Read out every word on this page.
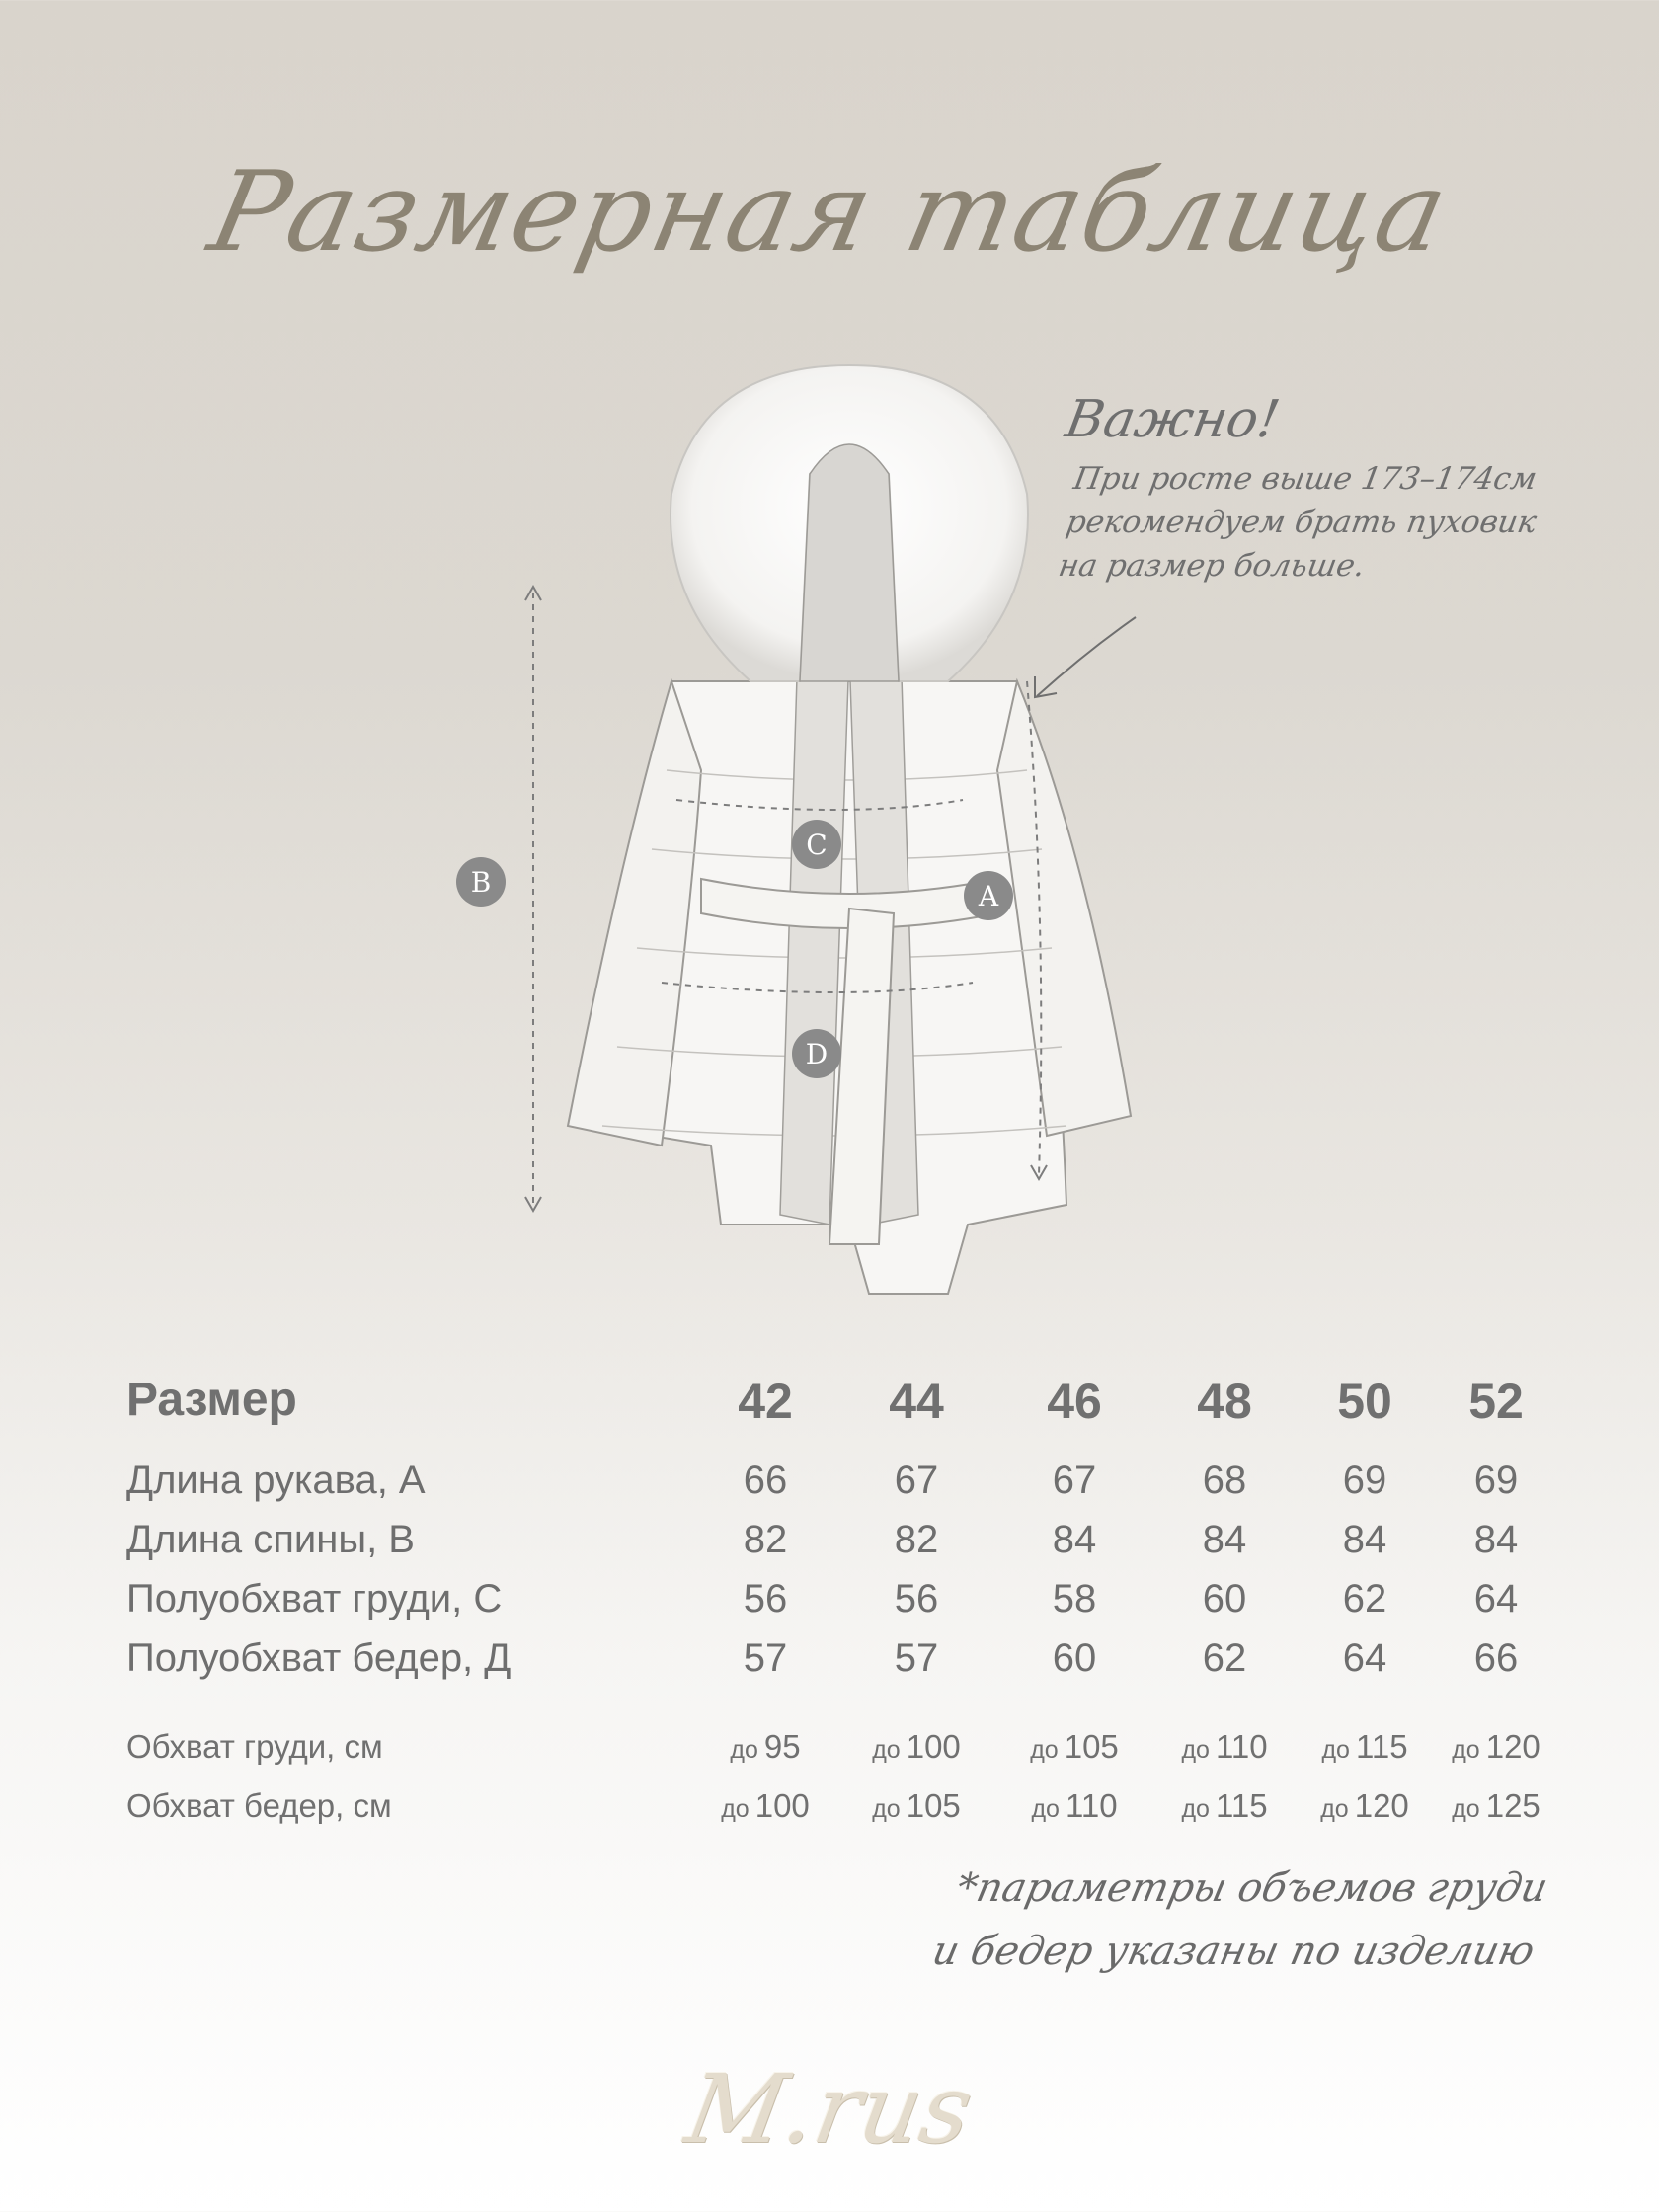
Размерная таблица
B
C
A
D
Важно!
При росте выше 173–174см рекомендуем брать пуховик на размер больше.
Размер	42	44	46	48	50	52
Длина рукава, А	66	67	67	68	69	69
Длина спины, В	82	82	84	84	84	84
Полуобхват груди, С	56	56	58	60	62	64
Полуобхват бедер, Д	57	57	60	62	64	66
Обхват груди, см	до 95	до 100	до 105	до 110	до 115	до 120
Обхват бедер, см	до 100	до 105	до 110	до 115	до 120	до 125
*параметры объемов груди
и бедер указаны по изделию
M.rus
